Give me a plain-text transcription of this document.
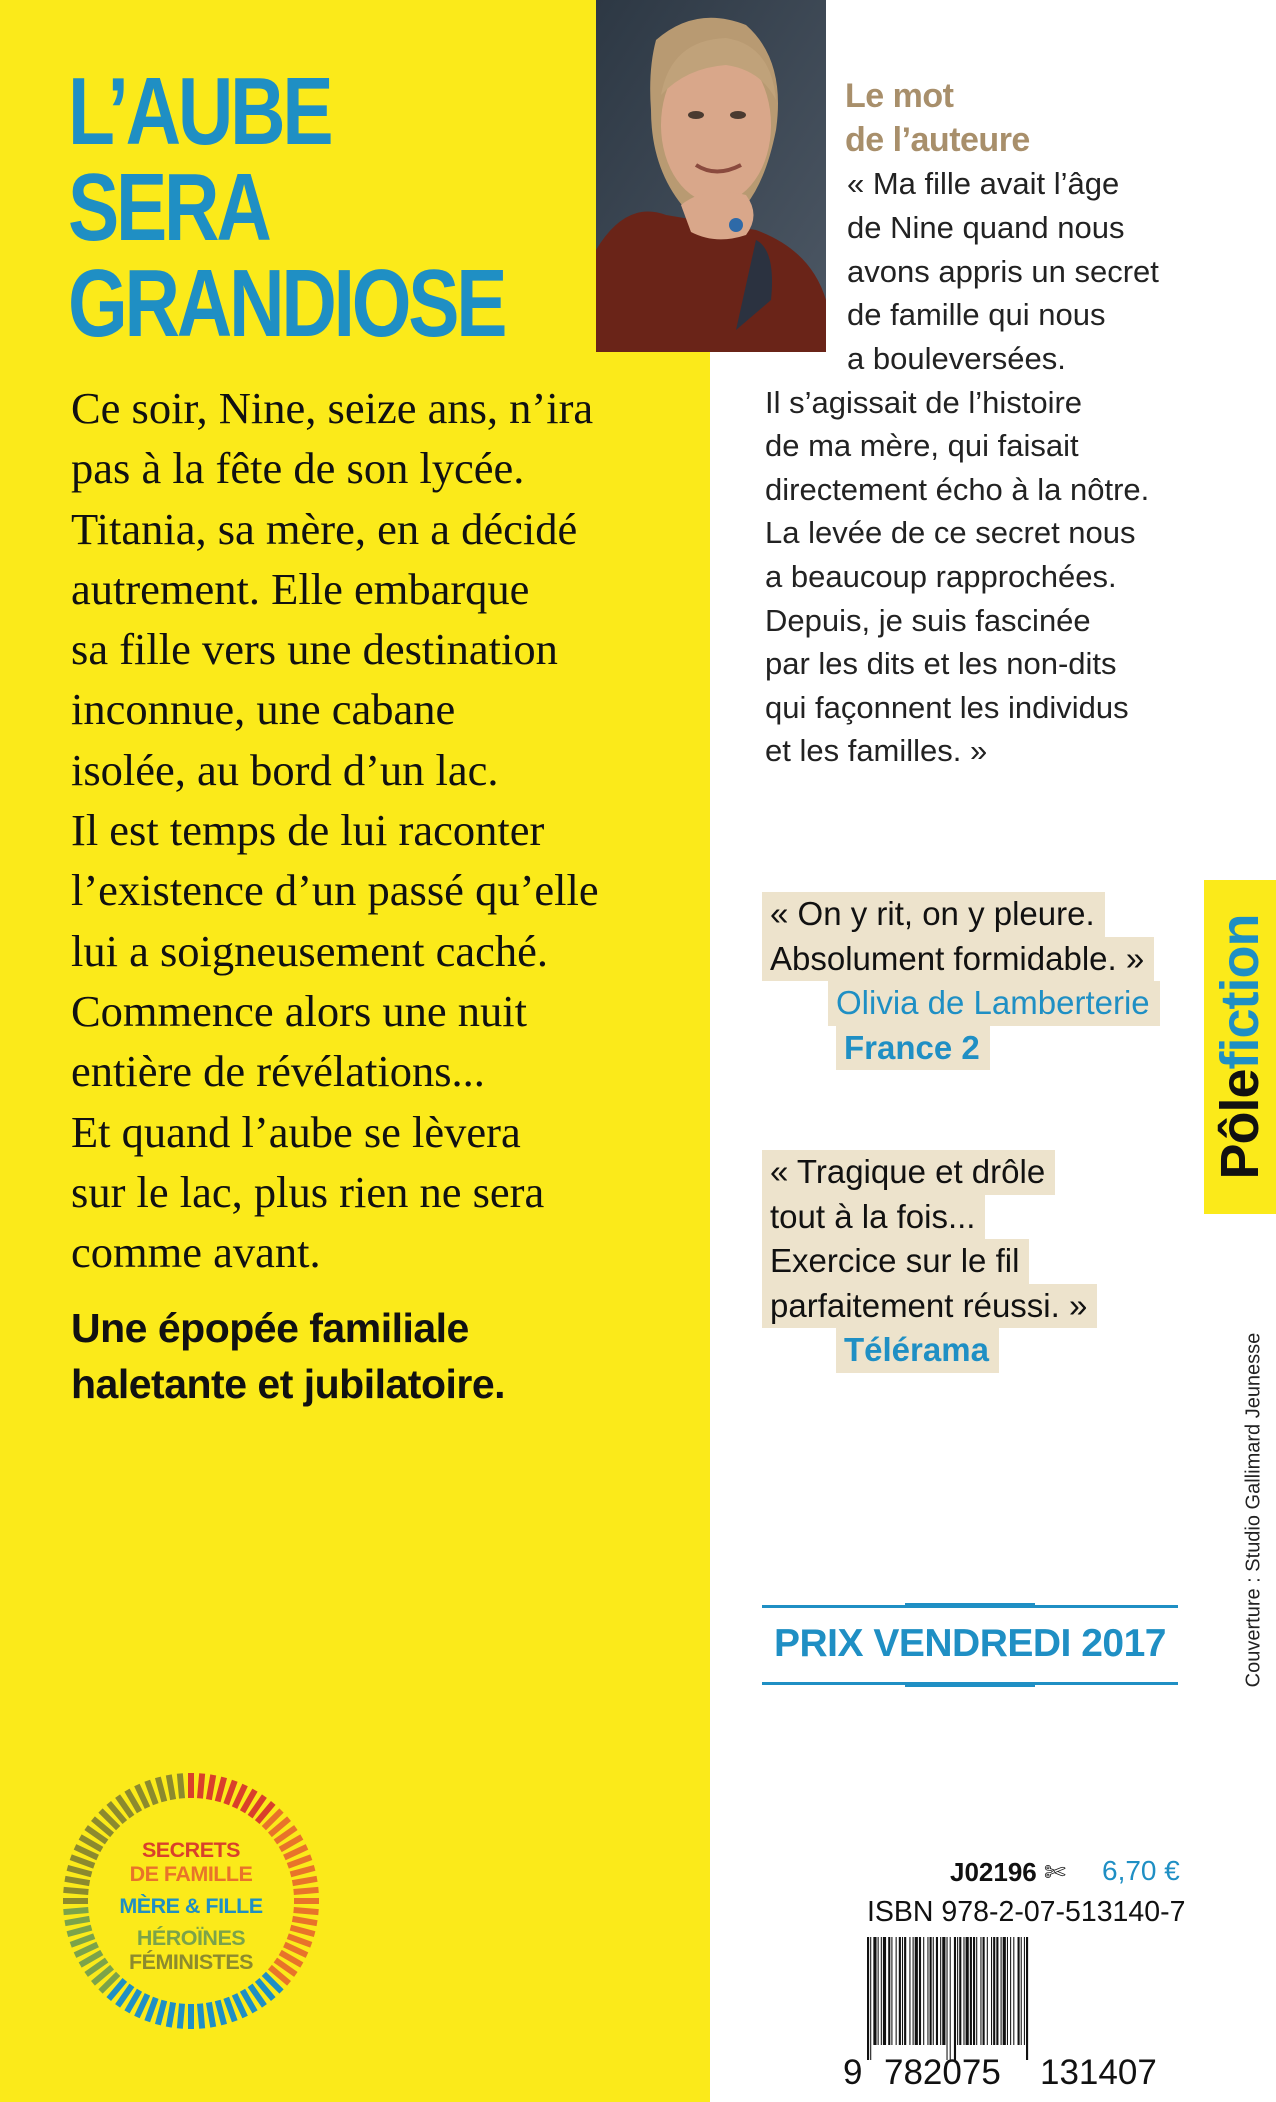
L’AUBE
SERA
GRANDIOSE
Ce soir, Nine, seize ans, n’ira
pas à la fête de son lycée.
Titania, sa mère, en a décidé
autrement. Elle embarque
sa fille vers une destination
inconnue, une cabane
isolée, au bord d’un lac.
Il est temps de lui raconter
l’existence d’un passé qu’elle
lui a soigneusement caché.
Commence alors une nuit
entière de révélations...
Et quand l’aube se lèvera
sur le lac, plus rien ne sera
comme avant.
Une épopée familiale
haletante et jubilatoire.
Le mot
de l’auteure
« Ma fille avait l’âge
de Nine quand nous
avons appris un secret
de famille qui nous
a bouleversées.
Il s’agissait de l’histoire
de ma mère, qui faisait
directement écho à la nôtre.
La levée de ce secret nous
a beaucoup rapprochées.
Depuis, je suis fascinée
par les dits et les non-dits
qui façonnent les individus
et les familles. »
« On y rit, on y pleure.
Absolument formidable. »
Olivia de Lamberterie
France 2
« Tragique et drôle
tout à la fois...
Exercice sur le fil
parfaitement réussi. »
Télérama
Pôlefiction
Couverture : Studio Gallimard Jeunesse
PRIX VENDREDI 2017
SECRETS
DE FAMILLE
MÈRE & FILLE
HÉROÏNES
FÉMINISTES
J02196 ✄ 6,70 €
ISBN 978-2-07-513140-7
9 782075 131407
